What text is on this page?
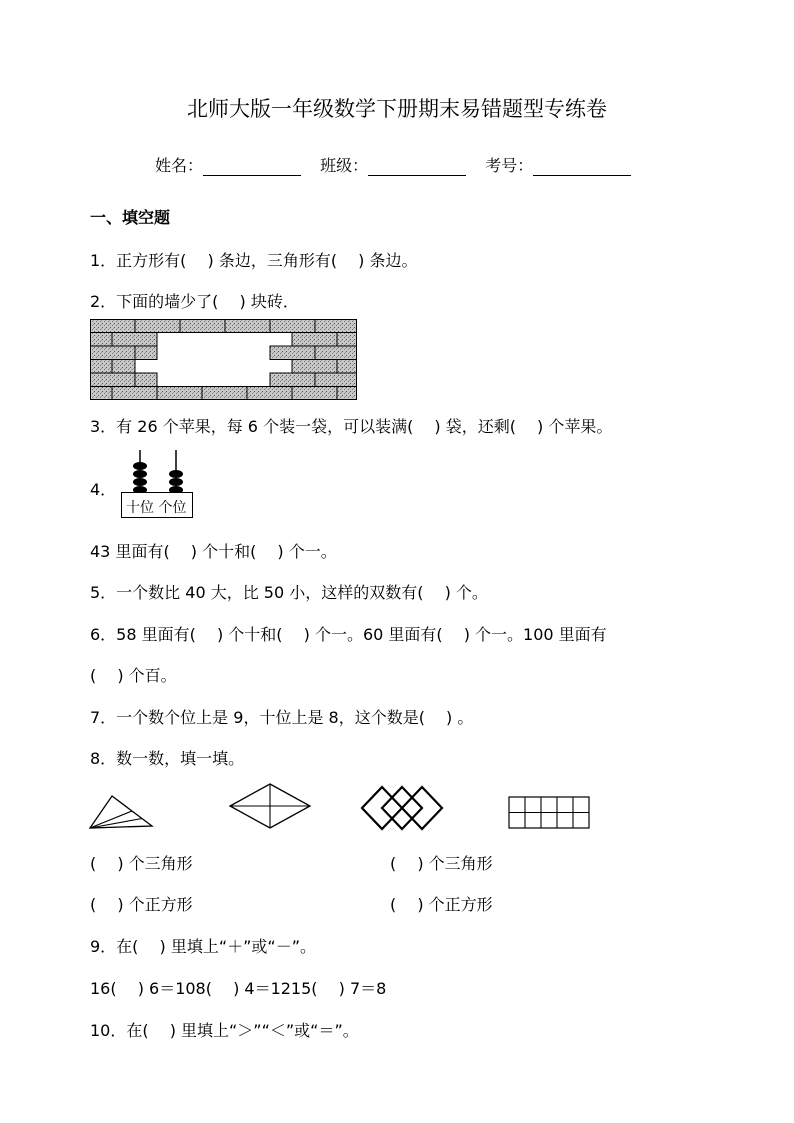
北师大版一年级数学下册期末易错题型专练卷
姓名：	班级：	考号：
一、填空题
1．正方形有(　 ) 条边，三角形有(　 ) 条边。
2．下面的墙少了(　 ) 块砖．
3．有 26 个苹果，每 6 个装一袋，可以装满(　 ) 袋，还剩(　 ) 个苹果。
4．
十位 个位
43 里面有(　 ) 个十和(　 ) 个一。
5．一个数比 40 大，比 50 小，这样的双数有(　 ) 个。
6．58 里面有(　 ) 个十和(　 ) 个一。60 里面有(　 ) 个一。100 里面有
(　 ) 个百。
7．一个数个位上是 9，十位上是 8，这个数是(　 ) 。
8．数一数，填一填。
(　 ) 个三角形	(　 ) 个三角形
(　 ) 个正方形	(　 ) 个正方形
9．在(　 ) 里填上“＋”或“－”。
16(　 ) 6＝108(　 ) 4＝1215(　 ) 7＝8
10．在(　 ) 里填上“＞”“＜”或“＝”。
